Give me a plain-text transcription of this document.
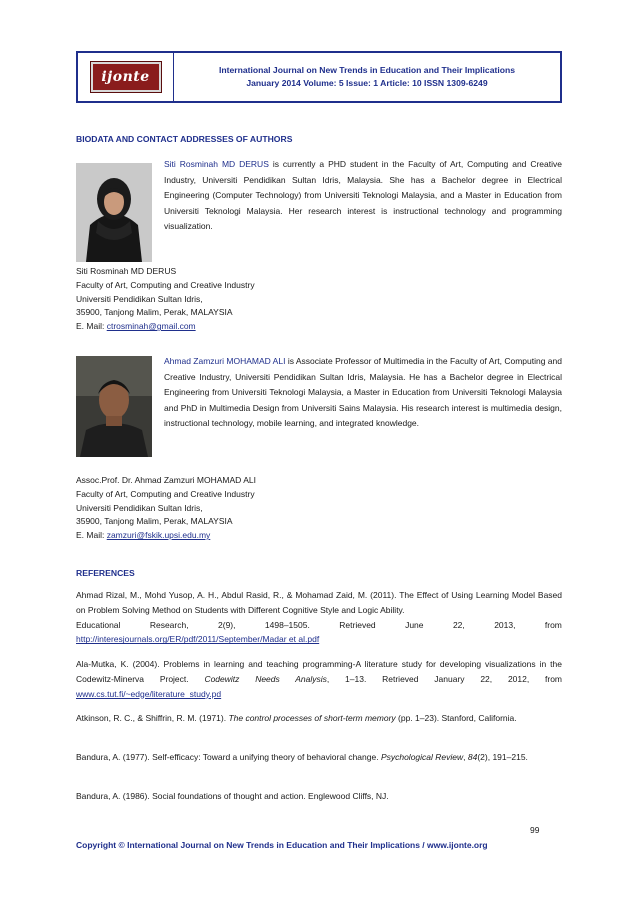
ijonte	International Journal on New Trends in Education and Their Implications
January 2014 Volume: 5 Issue: 1 Article: 10 ISSN 1309-6249
BIODATA AND CONTACT ADDRESSES OF AUTHORS
Siti Rosminah MD DERUS is currently a PHD student in the Faculty of Art, Computing and Creative Industry, Universiti Pendidikan Sultan Idris, Malaysia. She has a Bachelor degree in Electrical Engineering (Computer Technology) from Universiti Teknologi Malaysia, and a Master in Education from Universiti Teknologi Malaysia. Her research interest is instructional technology and programming visualization.
Siti Rosminah MD DERUS
Faculty of Art, Computing and Creative Industry
Universiti Pendidikan Sultan Idris,
35900, Tanjong Malim, Perak, MALAYSIA
E. Mail: ctrosminah@gmail.com
Ahmad Zamzuri MOHAMAD ALI is Associate Professor of Multimedia in the Faculty of Art, Computing and Creative Industry, Universiti Pendidikan Sultan Idris, Malaysia. He has a Bachelor degree in Electrical Engineering from Universiti Teknologi Malaysia, a Master in Education from Universiti Teknologi Malaysia and PhD in Multimedia Design from Universiti Sains Malaysia. His research interest is multimedia design, instructional technology, mobile learning, and integrated knowledge.
Assoc.Prof. Dr. Ahmad Zamzuri MOHAMAD ALI
Faculty of Art, Computing and Creative Industry
Universiti Pendidikan Sultan Idris,
35900, Tanjong Malim, Perak, MALAYSIA
E. Mail: zamzuri@fskik.upsi.edu.my
REFERENCES
Ahmad Rizal, M., Mohd Yusop, A. H., Abdul Rasid, R., & Mohamad Zaid, M. (2011). The Effect of Using Learning Model Based on Problem Solving Method on Students with Different Cognitive Style and Logic Ability.
Educational	Research,	2(9),	1498–1505.	Retrieved	June	22,	2013,	from
http://interesjournals.org/ER/pdf/2011/September/Madar et al.pdf
Ala-Mutka, K. (2004). Problems in learning and teaching programming-A literature study for developing visualizations in the Codewitz-Minerva Project. Codewitz Needs Analysis, 1–13. Retrieved January 22, 2012, from www.cs.tut.fi/~edge/literature_study.pd
Atkinson, R. C., & Shiffrin, R. M. (1971). The control processes of short-term memory (pp. 1–23). Stanford, California.
Bandura, A. (1977). Self-efficacy: Toward a unifying theory of behavioral change. Psychological Review, 84(2), 191–215.
Bandura, A. (1986). Social foundations of thought and action. Englewood Cliffs, NJ.
99
Copyright © International Journal on New Trends in Education and Their Implications / www.ijonte.org
